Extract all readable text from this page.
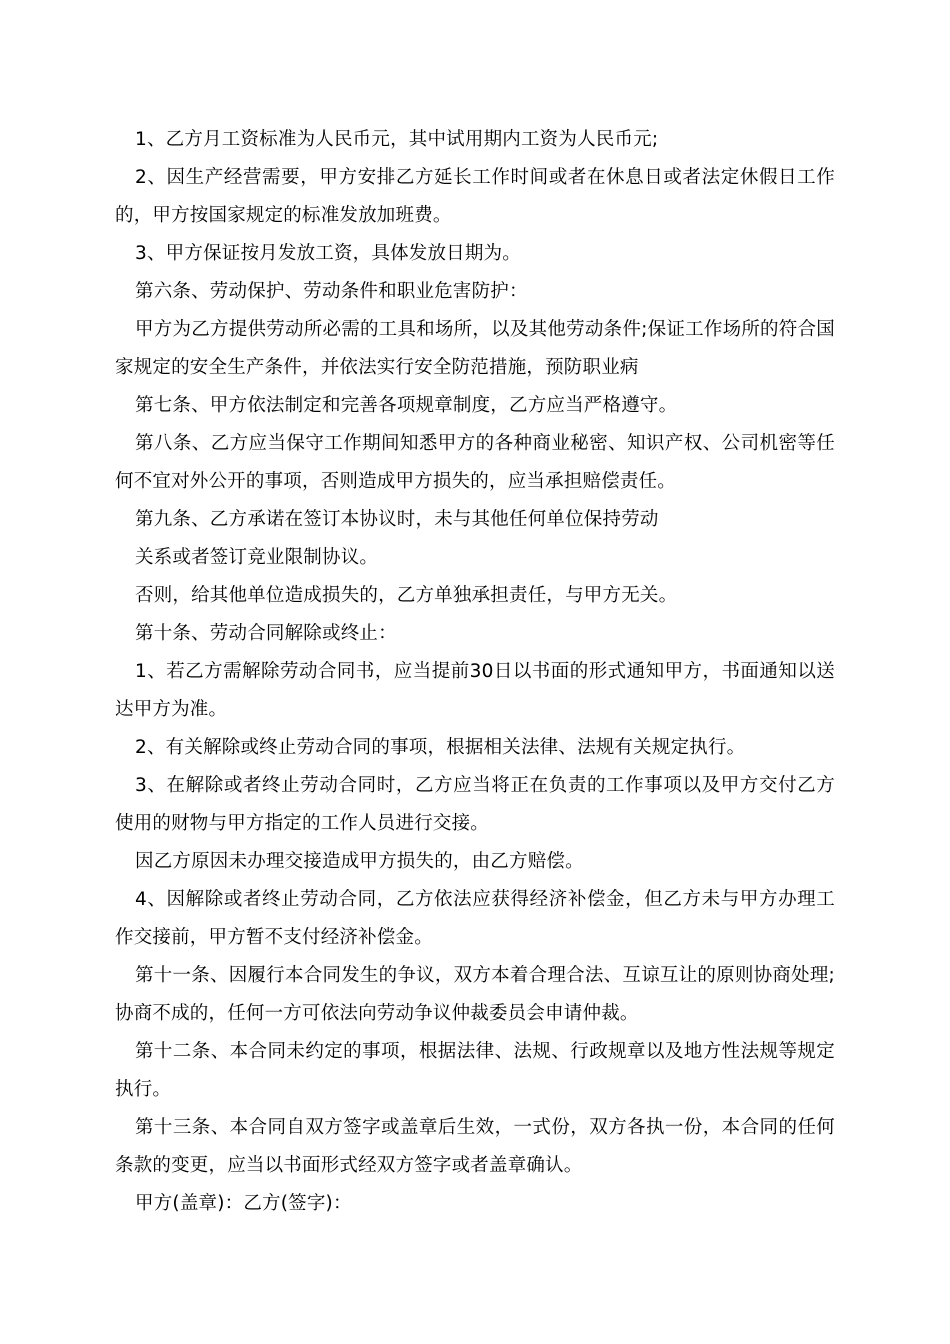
1、乙方月工资标准为人民币元，其中试用期内工资为人民币元;

2、因生产经营需要，甲方安排乙方延长工作时间或者在休息日或者法定休假日工作的，甲方按国家规定的标准发放加班费。

3、甲方保证按月发放工资，具体发放日期为。

第六条、劳动保护、劳动条件和职业危害防护：

甲方为乙方提供劳动所必需的工具和场所，以及其他劳动条件;保证工作场所的符合国家规定的安全生产条件，并依法实行安全防范措施，预防职业病

第七条、甲方依法制定和完善各项规章制度，乙方应当严格遵守。

第八条、乙方应当保守工作期间知悉甲方的各种商业秘密、知识产权、公司机密等任何不宜对外公开的事项，否则造成甲方损失的，应当承担赔偿责任。

第九条、乙方承诺在签订本协议时，未与其他任何单位保持劳动

关系或者签订竞业限制协议。

否则，给其他单位造成损失的，乙方单独承担责任，与甲方无关。

第十条、劳动合同解除或终止：

1、若乙方需解除劳动合同书，应当提前30日以书面的形式通知甲方，书面通知以送达甲方为准。

2、有关解除或终止劳动合同的事项，根据相关法律、法规有关规定执行。

3、在解除或者终止劳动合同时，乙方应当将正在负责的工作事项以及甲方交付乙方使用的财物与甲方指定的工作人员进行交接。

因乙方原因未办理交接造成甲方损失的，由乙方赔偿。

4、因解除或者终止劳动合同，乙方依法应获得经济补偿金，但乙方未与甲方办理工作交接前，甲方暂不支付经济补偿金。

第十一条、因履行本合同发生的争议，双方本着合理合法、互谅互让的原则协商处理;协商不成的，任何一方可依法向劳动争议仲裁委员会申请仲裁。

第十二条、本合同未约定的事项，根据法律、法规、行政规章以及地方性法规等规定执行。

第十三条、本合同自双方签字或盖章后生效，一式份，双方各执一份，本合同的任何条款的变更，应当以书面形式经双方签字或者盖章确认。

甲方(盖章)：乙方(签字)：
